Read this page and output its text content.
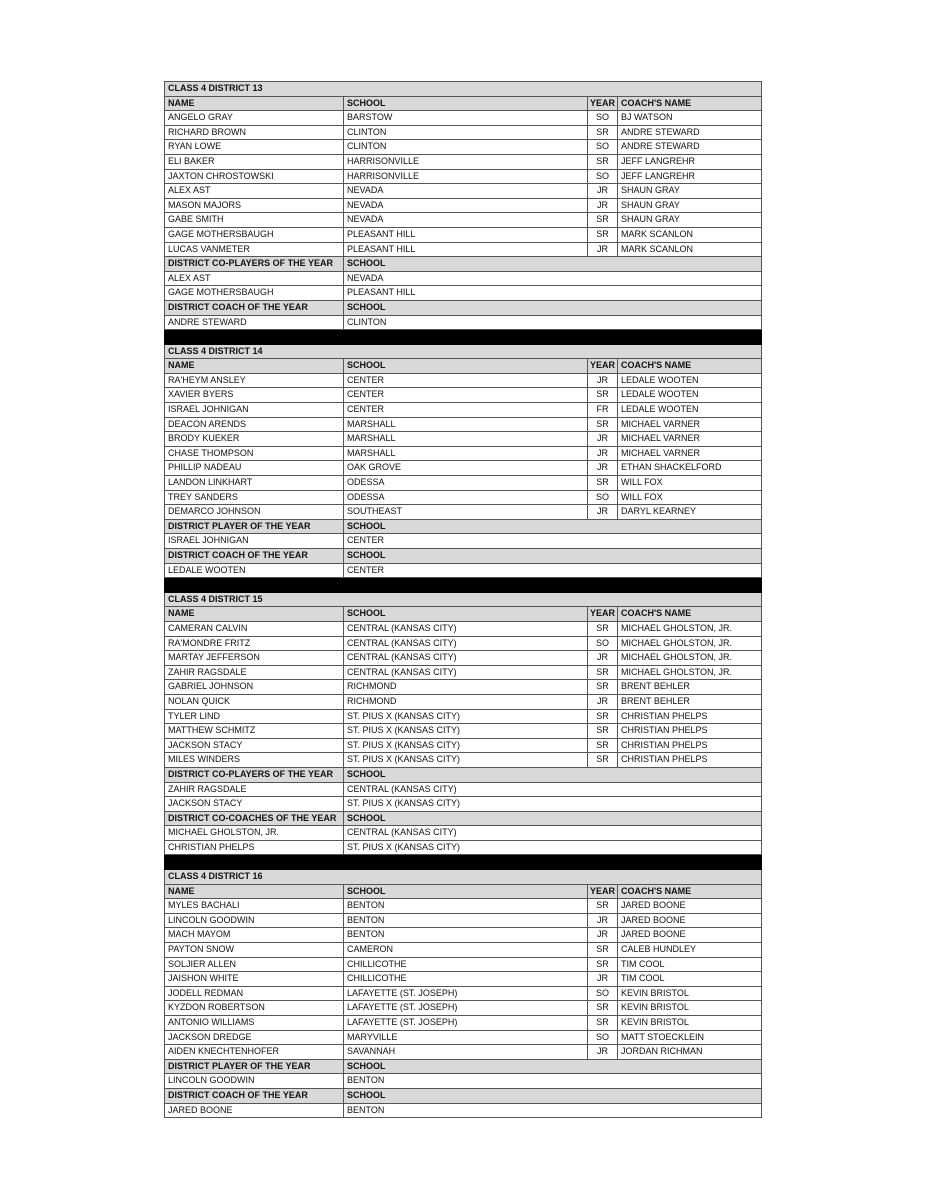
CLASS 4 DISTRICT 13
NAME	SCHOOL	YEAR COACH'S NAME
ANGELO GRAY	BARSTOW	SO	BJ WATSON
RICHARD BROWN	CLINTON	SR	ANDRE STEWARD
RYAN LOWE	CLINTON	SO	ANDRE STEWARD
ELI BAKER	HARRISONVILLE	SR	JEFF LANGREHR
JAXTON CHROSTOWSKI	HARRISONVILLE	SO	JEFF LANGREHR
ALEX AST	NEVADA	JR	SHAUN GRAY
MASON MAJORS	NEVADA	JR	SHAUN GRAY
GABE SMITH	NEVADA	SR	SHAUN GRAY
GAGE MOTHERSBAUGH	PLEASANT HILL	SR	MARK SCANLON
LUCAS VANMETER	PLEASANT HILL	JR	MARK SCANLON
DISTRICT CO-PLAYERS OF THE YEAR	SCHOOL
ALEX AST	NEVADA
GAGE MOTHERSBAUGH	PLEASANT HILL
DISTRICT COACH OF THE YEAR	SCHOOL
ANDRE STEWARD	CLINTON
CLASS 4 DISTRICT 14
NAME	SCHOOL	YEAR COACH'S NAME
RA'HEYM ANSLEY	CENTER	JR	LEDALE WOOTEN
XAVIER BYERS	CENTER	SR	LEDALE WOOTEN
ISRAEL JOHNIGAN	CENTER	FR	LEDALE WOOTEN
DEACON ARENDS	MARSHALL	SR	MICHAEL VARNER
BRODY KUEKER	MARSHALL	JR	MICHAEL VARNER
CHASE THOMPSON	MARSHALL	JR	MICHAEL VARNER
PHILLIP NADEAU	OAK GROVE	JR	ETHAN SHACKELFORD
LANDON LINKHART	ODESSA	SR	WILL FOX
TREY SANDERS	ODESSA	SO	WILL FOX
DEMARCO JOHNSON	SOUTHEAST	JR	DARYL KEARNEY
DISTRICT PLAYER OF THE YEAR	SCHOOL
ISRAEL JOHNIGAN	CENTER
DISTRICT COACH OF THE YEAR	SCHOOL
LEDALE WOOTEN	CENTER
CLASS 4 DISTRICT 15
NAME	SCHOOL	YEAR COACH'S NAME
CAMERAN CALVIN	CENTRAL (KANSAS CITY)	SR	MICHAEL GHOLSTON, JR.
RA'MONDRE FRITZ	CENTRAL (KANSAS CITY)	SO	MICHAEL GHOLSTON, JR.
MARTAY JEFFERSON	CENTRAL (KANSAS CITY)	JR	MICHAEL GHOLSTON, JR.
ZAHIR RAGSDALE	CENTRAL (KANSAS CITY)	SR	MICHAEL GHOLSTON, JR.
GABRIEL JOHNSON	RICHMOND	SR	BRENT BEHLER
NOLAN QUICK	RICHMOND	JR	BRENT BEHLER
TYLER LIND	ST. PIUS X (KANSAS CITY)	SR	CHRISTIAN PHELPS
MATTHEW SCHMITZ	ST. PIUS X (KANSAS CITY)	SR	CHRISTIAN PHELPS
JACKSON STACY	ST. PIUS X (KANSAS CITY)	SR	CHRISTIAN PHELPS
MILES WINDERS	ST. PIUS X (KANSAS CITY)	SR	CHRISTIAN PHELPS
DISTRICT CO-PLAYERS OF THE YEAR	SCHOOL
ZAHIR RAGSDALE	CENTRAL (KANSAS CITY)
JACKSON STACY	ST. PIUS X (KANSAS CITY)
DISTRICT CO-COACHES OF THE YEAR	SCHOOL
MICHAEL GHOLSTON, JR.	CENTRAL (KANSAS CITY)
CHRISTIAN PHELPS	ST. PIUS X (KANSAS CITY)
CLASS 4 DISTRICT 16
NAME	SCHOOL	YEAR COACH'S NAME
MYLES BACHALI	BENTON	SR	JARED BOONE
LINCOLN GOODWIN	BENTON	JR	JARED BOONE
MACH MAYOM	BENTON	JR	JARED BOONE
PAYTON SNOW	CAMERON	SR	CALEB HUNDLEY
SOLJIER ALLEN	CHILLICOTHE	SR	TIM COOL
JAISHON WHITE	CHILLICOTHE	JR	TIM COOL
JODELL REDMAN	LAFAYETTE (ST. JOSEPH)	SO	KEVIN BRISTOL
KYZDON ROBERTSON	LAFAYETTE (ST. JOSEPH)	SR	KEVIN BRISTOL
ANTONIO WILLIAMS	LAFAYETTE (ST. JOSEPH)	SR	KEVIN BRISTOL
JACKSON DREDGE	MARYVILLE	SO	MATT STOECKLEIN
AIDEN KNECHTENHOFER	SAVANNAH	JR	JORDAN RICHMAN
DISTRICT PLAYER OF THE YEAR	SCHOOL
LINCOLN GOODWIN	BENTON
DISTRICT COACH OF THE YEAR	SCHOOL
JARED BOONE	BENTON
